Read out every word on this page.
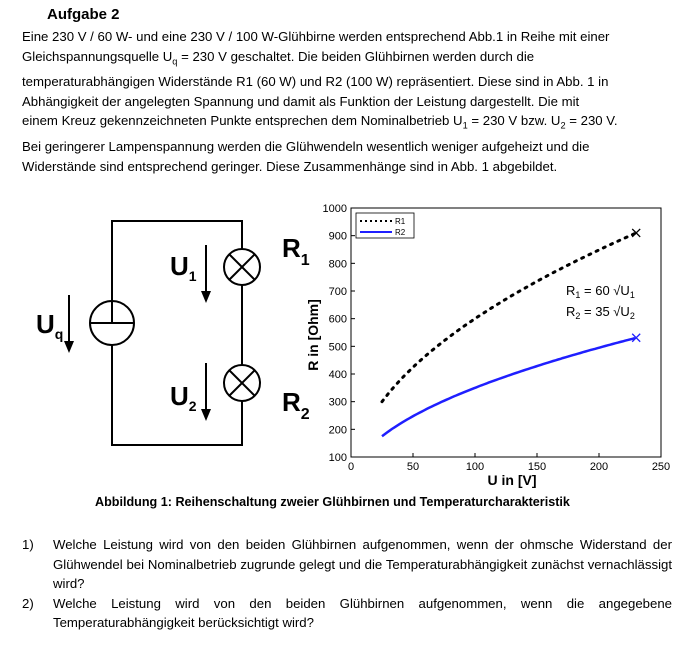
Aufgabe 2
Eine 230 V / 60 W- und eine 230 V / 100 W-Glühbirne werden entsprechend Abb.1 in Reihe mit einer
Gleichspannungsquelle $U_q = 230$ V geschaltet. Die beiden Glühbirnen werden durch die
temperaturabhängigen Widerstände R1 (60 W) und R2 (100 W) repräsentiert. Diese sind in Abb. 1 in
Abhängigkeit der angelegten Spannung und damit als Funktion der Leistung dargestellt. Die mit
einem Kreuz gekennzeichneten Punkte entsprechen dem Nominalbetrieb $U_1 = 230$ V bzw. $U_2 = 230$ V.
Bei geringerer Lampenspannung werden die Glühwendeln wesentlich weniger aufgeheizt und die
Widerstände sind entsprechend geringer. Diese Zusammenhänge sind in Abb. 1 abgebildet.
$U_q$
$U_1$
$U_2$
$R_1$
$R_2$
0	50	100	150	200	250
100
200
300
400
500
600
700
800
900
1000
R1
R2
$R_1 = 60$ $√U_1$
$R_2 = 35$ $√U_2$
U in [V]
R in [Ohm]
Abbildung 1: Reihenschaltung zweier Glühbirnen und Temperaturcharakteristik
1) Welche Leistung wird von den beiden Glühbirnen aufgenommen, wenn der ohmsche Widerstand der Glühwendel bei Nominalbetrieb zugrunde gelegt und die Temperaturabhängigkeit zunächst vernachlässigt wird?
2) Welche Leistung wird von den beiden Glühbirnen aufgenommen, wenn die angegebene Temperaturabhängigkeit berücksichtigt wird?
